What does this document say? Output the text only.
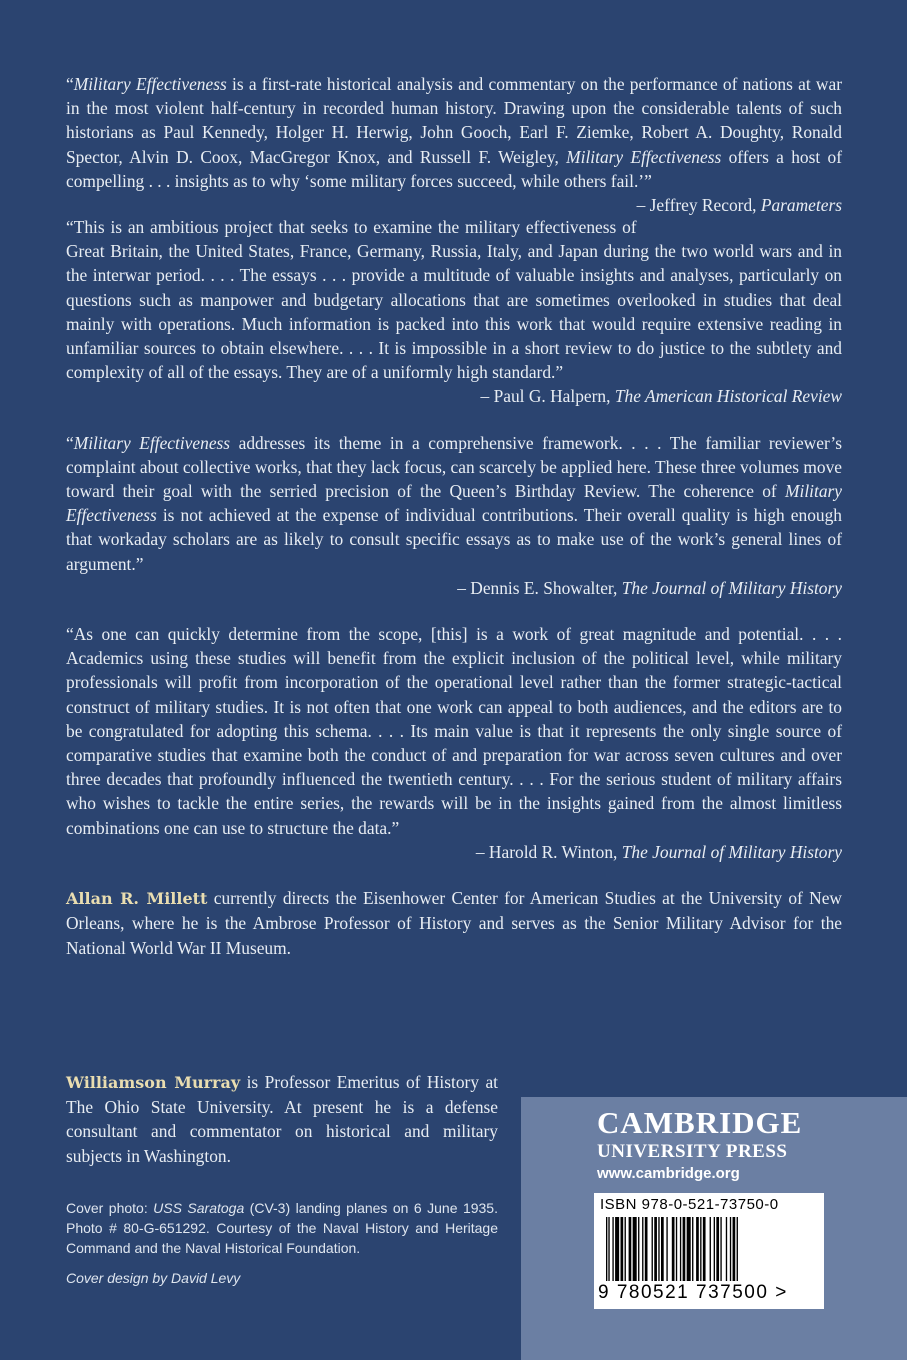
“Military Effectiveness is a first-rate historical analysis and commentary on the performance of nations at war in the most violent half-century in recorded human history. Drawing upon the considerable talents of such historians as Paul Kennedy, Holger H. Herwig, John Gooch, Earl F. Ziemke, Robert A. Doughty, Ronald Spector, Alvin D. Coox, MacGregor Knox, and Russell F. Weigley, Military Effectiveness offers a host of compelling . . . insights as to why ‘some military forces succeed, while others fail.’”
– Jeffrey Record, Parameters

“This is an ambitious project that seeks to examine the military effectiveness of Great Britain, the United States, France, Germany, Russia, Italy, and Japan during the two world wars and in the interwar period. . . . The essays . . . provide a multitude of valuable insights and analyses, particularly on questions such as manpower and budgetary allocations that are sometimes overlooked in studies that deal mainly with operations. Much information is packed into this work that would require extensive reading in unfamiliar sources to obtain elsewhere. . . . It is impossible in a short review to do justice to the subtlety and complexity of all of the essays. They are of a uniformly high standard.”

– Paul G. Halpern, The American Historical Review

“Military Effectiveness addresses its theme in a comprehensive framework. . . . The familiar reviewer’s complaint about collective works, that they lack focus, can scarcely be applied here. These three volumes move toward their goal with the serried precision of the Queen’s Birthday Review. The coherence of Military Effectiveness is not achieved at the expense of individual contributions. Their overall quality is high enough that workaday scholars are as likely to consult specific essays as to make use of the work’s general lines of argument.”

– Dennis E. Showalter, The Journal of Military History

“As one can quickly determine from the scope, [this] is a work of great magnitude and potential. . . . Academics using these studies will benefit from the explicit inclusion of the political level, while military professionals will profit from incorporation of the operational level rather than the former strategic-tactical construct of military studies. It is not often that one work can appeal to both audiences, and the editors are to be congratulated for adopting this schema. . . . Its main value is that it represents the only single source of comparative studies that examine both the conduct of and preparation for war across seven cultures and over three decades that profoundly influenced the twentieth century. . . . For the serious student of military affairs who wishes to tackle the entire series, the rewards will be in the insights gained from the almost limitless combinations one can use to structure the data.”

– Harold R. Winton, The Journal of Military History

Allan R. Millett currently directs the Eisenhower Center for American Studies at the University of New Orleans, where he is the Ambrose Professor of History and serves as the Senior Military Advisor for the National World War II Museum.

Williamson Murray is Professor Emeritus of History at The Ohio State University. At present he is a defense consultant and commentator on historical and military subjects in Washington.

Cover photo: USS Saratoga (CV-3) landing planes on 6 June 1935. Photo # 80-G-651292. Courtesy of the Naval History and Heritage Command and the Naval Historical Foundation.
Cover design by David Levy
CAMBRIDGE
UNIVERSITY PRESS
www.cambridge.org
ISBN 978-0-521-73750-0
9 780521 737500 >
